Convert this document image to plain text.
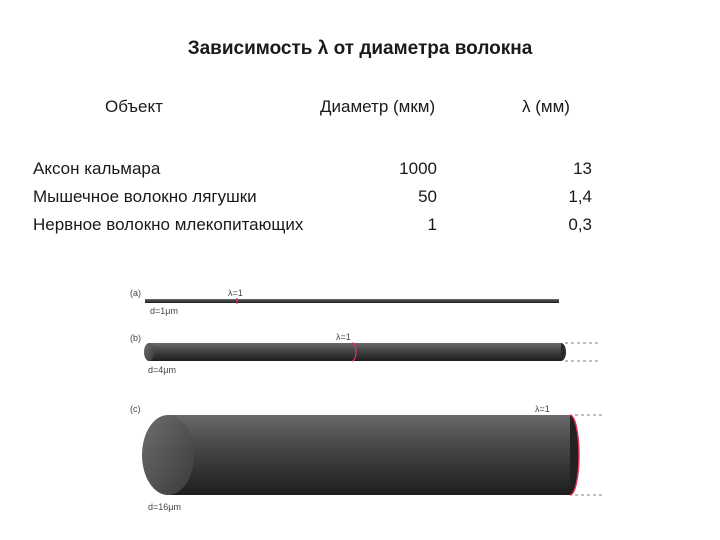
Зависимость λ от диаметра волокна
Объект	Диаметр (мкм)	λ (мм)
Аксон кальмара	1000	13
Мышечное волокно лягушки	50	1,4
Нервное волокно млекопитающих	1	0,3
(a)	λ=1
d=1μm
(b)	λ=1
d=4μm
(c)	λ=1
d=16μm
